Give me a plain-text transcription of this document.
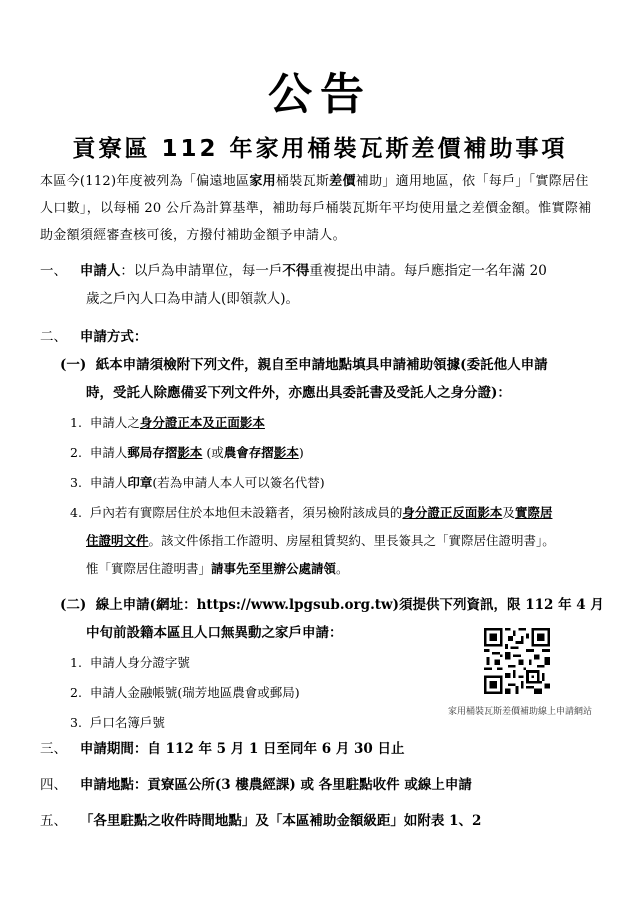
公告
貢寮區 112 年家用桶裝瓦斯差價補助事項
本區今(112)年度被列為「偏遠地區家用桶裝瓦斯差價補助」適用地區，依「每戶」「實際居住人口數」，以每桶 20 公斤為計算基準，補助每戶桶裝瓦斯年平均使用量之差價金額。惟實際補助金額須經審查核可後，方撥付補助金額予申請人。
一、 申請人：以戶為申請單位，每一戶不得重複提出申請。每戶應指定一名年滿 20
歲之戶內人口為申請人(即領款人)。
二、 申請方式：
(一) 紙本申請須檢附下列文件，親自至申請地點填具申請補助領據(委託他人申請
時，受託人除應備妥下列文件外，亦應出具委託書及受託人之身分證)：
1. 申請人之身分證正本及正面影本
2. 申請人郵局存摺影本 (或農會存摺影本)
3. 申請人印章(若為申請人本人可以簽名代替)
4. 戶內若有實際居住於本地但未設籍者，須另檢附該成員的身分證正反面影本及實際居
住證明文件。該文件係指工作證明、房屋租賃契約、里長簽具之「實際居住證明書」。
惟「實際居住證明書」請事先至里辦公處請領。
(二) 線上申請(網址：https://www.lpgsub.org.tw)須提供下列資訊，限 112 年 4 月
中旬前設籍本區且人口無異動之家戶申請：
1. 申請人身分證字號
2. 申請人金融帳號(瑞芳地區農會或郵局)
3. 戶口名簿戶號
家用桶裝瓦斯差價補助線上申請網站
三、 申請期間：自 112 年 5 月 1 日至同年 6 月 30 日止
四、 申請地點：貢寮區公所(3 樓農經課) 或 各里駐點收件 或線上申請
五、 「各里駐點之收件時間地點」及「本區補助金額級距」如附表 1、2
